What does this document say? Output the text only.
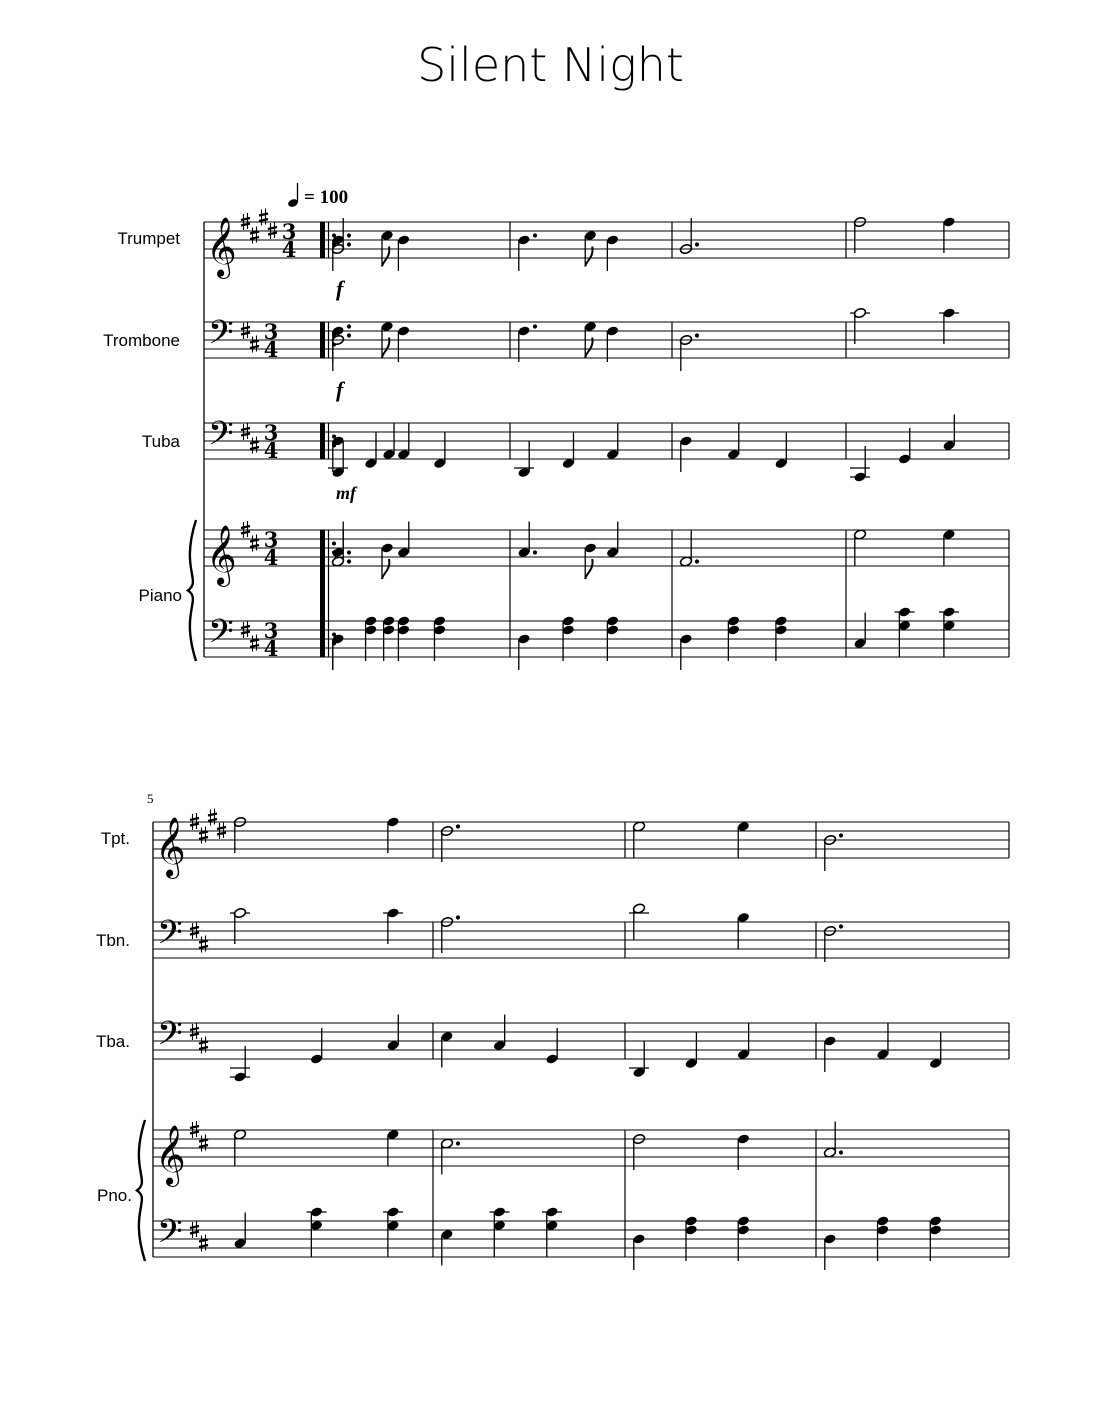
Silent Night
Trumpet
Trombone
Tuba
Piano
Tpt.
Tbn.
Tba.
Pno.
= 100
5
𝄞 3
4
f
𝄢 3
4
f
𝄢 3
4
mf
𝄞 3
4
𝄢 3
4
𝄞
𝄢
𝄢
𝄞
𝄢
